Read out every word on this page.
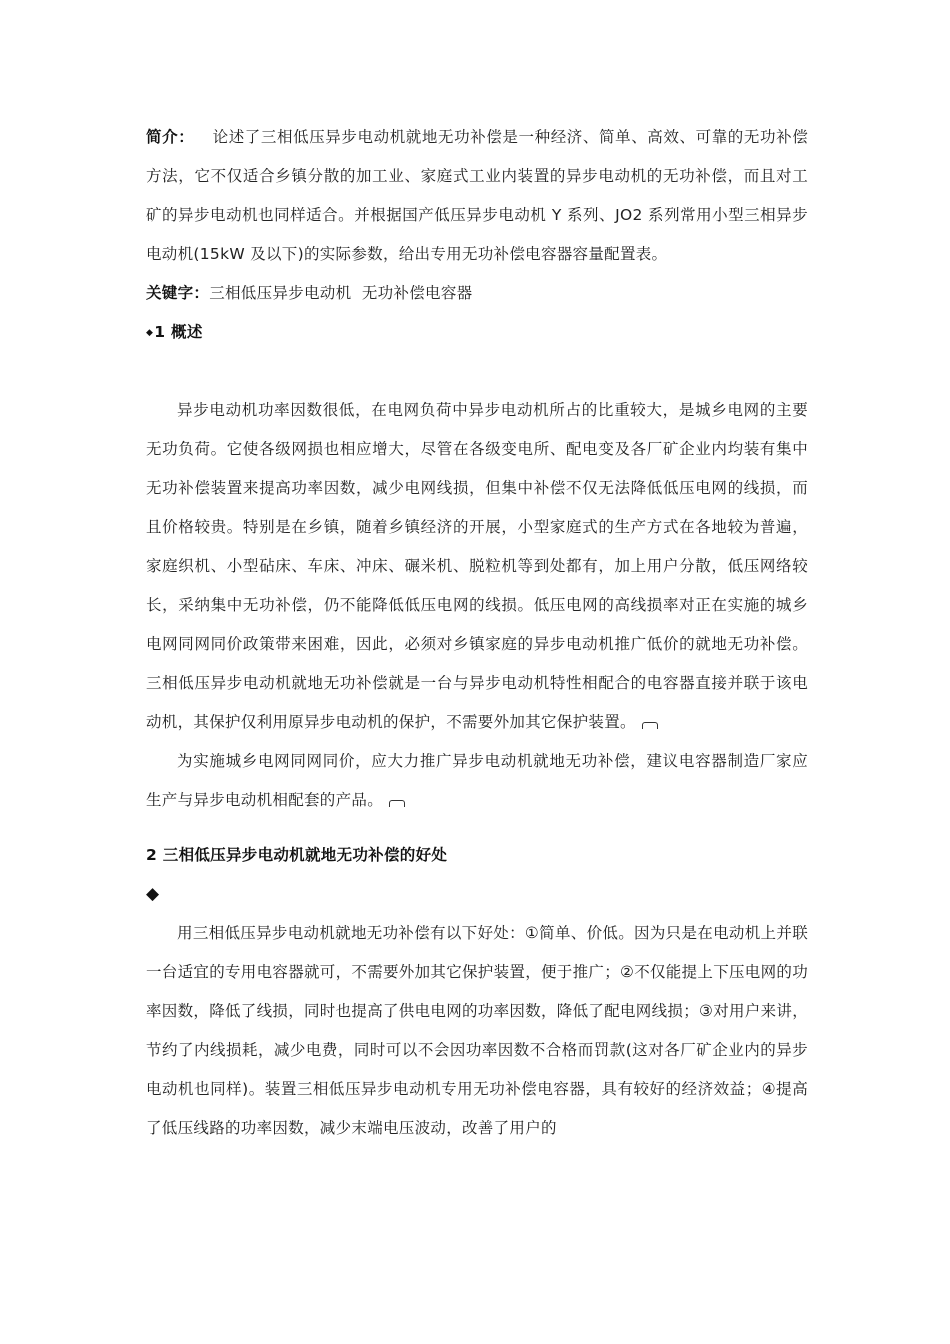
简介： 论述了三相低压异步电动机就地无功补偿是一种经济、简单、高效、可靠的无功补偿方法，它不仅适合乡镇分散的加工业、家庭式工业内装置的异步电动机的无功补偿，而且对工矿的异步电动机也同样适合。并根据国产低压异步电动机 Y 系列、JO2 系列常用小型三相异步电动机(15kW 及以下)的实际参数，给出专用无功补偿电容器容量配置表。

关键字：三相低压异步电动机  无功补偿电容器

◆1 概述

异步电动机功率因数很低，在电网负荷中异步电动机所占的比重较大，是城乡电网的主要无功负荷。它使各级网损也相应增大，尽管在各级变电所、配电变及各厂矿企业内均装有集中无功补偿装置来提高功率因数，减少电网线损，但集中补偿不仅无法降低低压电网的线损，而且价格较贵。特别是在乡镇，随着乡镇经济的开展，小型家庭式的生产方式在各地较为普遍，家庭织机、小型砧床、车床、冲床、碾米机、脱粒机等到处都有，加上用户分散，低压网络较长，采纳集中无功补偿，仍不能降低低压电网的线损。低压电网的高线损率对正在实施的城乡电网同网同价政策带来困难，因此，必须对乡镇家庭的异步电动机推广低价的就地无功补偿。三相低压异步电动机就地无功补偿就是一台与异步电动机特性相配合的电容器直接并联于该电动机，其保护仅利用原异步电动机的保护，不需要外加其它保护装置。

为实施城乡电网同网同价，应大力推广异步电动机就地无功补偿，建议电容器制造厂家应生产与异步电动机相配套的产品。

2 三相低压异步电动机就地无功补偿的好处

◆

用三相低压异步电动机就地无功补偿有以下好处：①简单、价低。因为只是在电动机上并联一台适宜的专用电容器就可，不需要外加其它保护装置，便于推广；②不仅能提上下压电网的功率因数，降低了线损，同时也提高了供电电网的功率因数，降低了配电网线损；③对用户来讲，节约了内线损耗，减少电费，同时可以不会因功率因数不合格而罚款(这对各厂矿企业内的异步电动机也同样)。装置三相低压异步电动机专用无功补偿电容器，具有较好的经济效益；④提高了低压线路的功率因数，减少末端电压波动，改善了用户的
